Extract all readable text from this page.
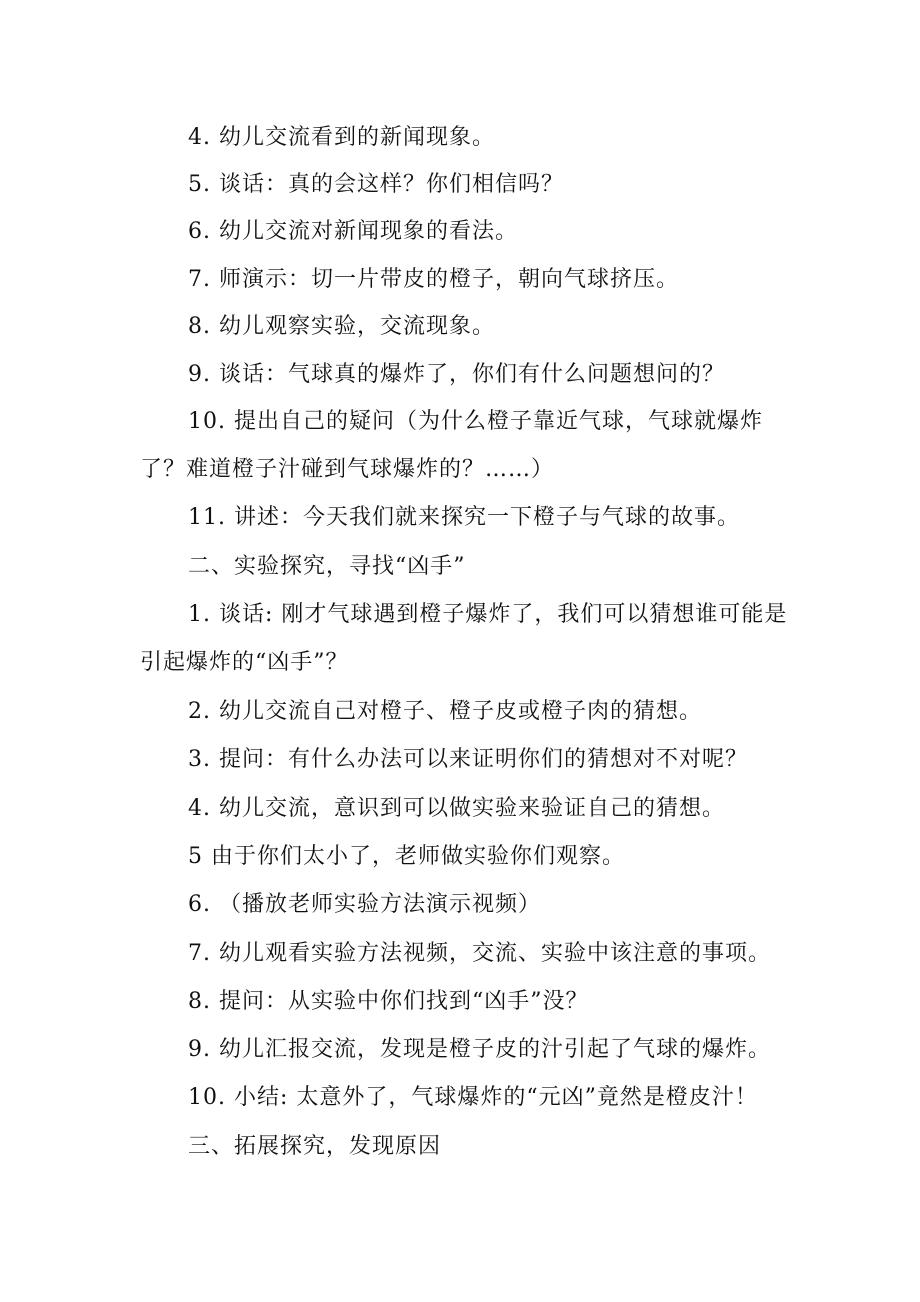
4. 幼儿交流看到的新闻现象。
5. 谈话：真的会这样？你们相信吗？
6. 幼儿交流对新闻现象的看法。
7. 师演示：切一片带皮的橙子，朝向气球挤压。
8. 幼儿观察实验，交流现象。
9. 谈话：气球真的爆炸了，你们有什么问题想问的？
10. 提出自己的疑问（为什么橙子靠近气球，气球就爆炸了？难道橙子汁碰到气球爆炸的？……）
11. 讲述：今天我们就来探究一下橙子与气球的故事。
二、实验探究，寻找“凶手”
1. 谈话: 刚才气球遇到橙子爆炸了，我们可以猜想谁可能是引起爆炸的“凶手”？
2. 幼儿交流自己对橙子、橙子皮或橙子肉的猜想。
3. 提问：有什么办法可以来证明你们的猜想对不对呢？
4. 幼儿交流，意识到可以做实验来验证自己的猜想。
5 由于你们太小了，老师做实验你们观察。
6. （播放老师实验方法演示视频）
7. 幼儿观看实验方法视频，交流、实验中该注意的事项。
8. 提问：从实验中你们找到“凶手”没？
9. 幼儿汇报交流，发现是橙子皮的汁引起了气球的爆炸。
10. 小结: 太意外了，气球爆炸的“元凶”竟然是橙皮汁！
三、拓展探究，发现原因
